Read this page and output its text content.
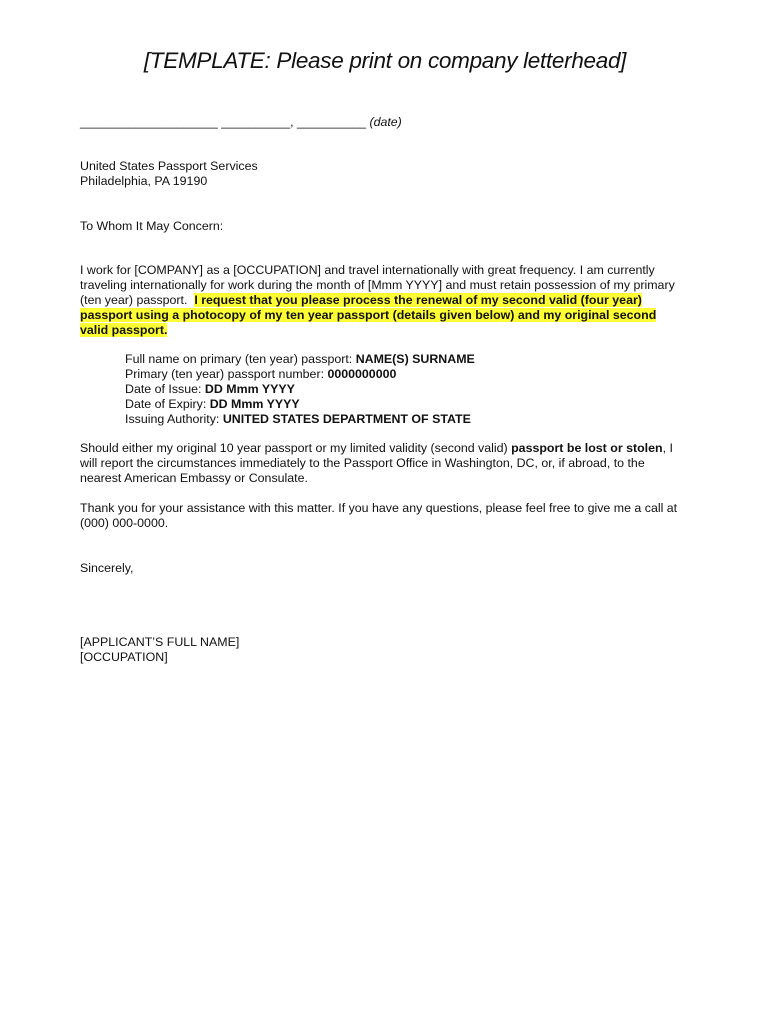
[TEMPLATE: Please print on company letterhead]
____________________ __________, __________ (date)
United States Passport Services
Philadelphia, PA 19190
To Whom It May Concern:
I work for [COMPANY] as a [OCCUPATION] and travel internationally with great frequency. I am currently
traveling internationally for work during the month of [Mmm YYYY] and must retain possession of my primary
(ten year) passport.  I request that you please process the renewal of my second valid (four year)
passport using a photocopy of my ten year passport (details given below) and my original second
valid passport.
Full name on primary (ten year) passport: NAME(S) SURNAME
Primary (ten year) passport number: 0000000000
Date of Issue: DD Mmm YYYY
Date of Expiry: DD Mmm YYYY
Issuing Authority: UNITED STATES DEPARTMENT OF STATE
Should either my original 10 year passport or my limited validity (second valid) passport be lost or stolen, I
will report the circumstances immediately to the Passport Office in Washington, DC, or, if abroad, to the
nearest American Embassy or Consulate.
Thank you for your assistance with this matter. If you have any questions, please feel free to give me a call at
(000) 000-0000.
Sincerely,
[APPLICANT’S FULL NAME]
[OCCUPATION]
